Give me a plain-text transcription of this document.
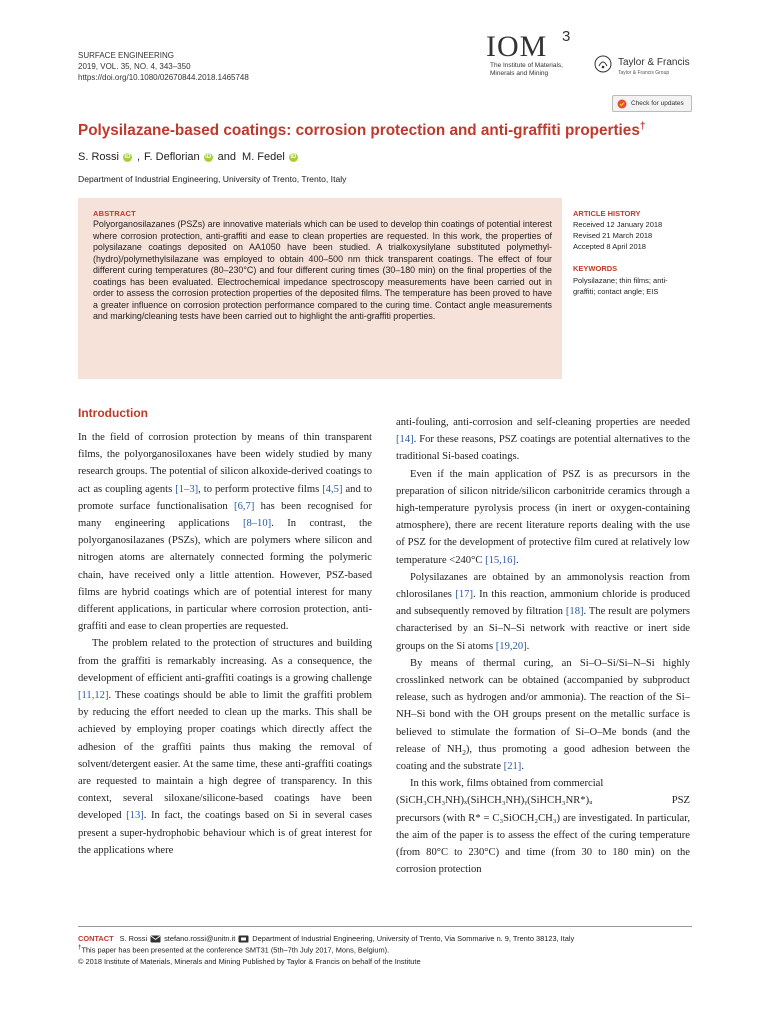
SURFACE ENGINEERING
2019, VOL. 35, NO. 4, 343–350
https://doi.org/10.1080/02670844.2018.1465748
IOM 3
The Institute of Materials,
Minerals and Mining
Taylor & Francis
Taylor & Francis Group
Check for updates
Polysilazane-based coatings: corrosion protection and anti-graffiti properties†
S. Rossi iD , F. Deflorian iD and M. Fedel iD
Department of Industrial Engineering, University of Trento, Trento, Italy
ABSTRACT
Polyorganosilazanes (PSZs) are innovative materials which can be used to develop thin coatings of potential interest where corrosion protection, anti-graffiti and ease to clean properties are requested. In this work, the properties of polysilazane coatings deposited on AA1050 have been studied. A trialkoxysilylane substituted polymethyl-(hydro)/polymethylsilazane was employed to obtain 400–500 nm thick transparent coatings. The effect of four different curing temperatures (80–230°C) and four different curing times (30–180 min) on the final properties of the coatings has been evaluated. Electrochemical impedance spectroscopy measurements have been carried out in order to assess the corrosion protection properties of the deposited films. The temperature has been proved to have a greater influence on corrosion protection performance compared to the curing time. Contact angle measurements and marking/cleaning tests have been carried out to highlight the anti-graffiti properties.
ARTICLE HISTORY
Received 12 January 2018
Revised 21 March 2018
Accepted 8 April 2018
KEYWORDS
Polysilazane; thin films; anti-
graffiti; contact angle; EIS
Introduction

In the field of corrosion protection by means of thin transparent films, the polyorganosiloxanes have been widely studied by many research groups. The potential of silicon alkoxide-derived coatings to act as coupling agents [1–3], to perform protective films [4,5] and to promote surface functionalisation [6,7] has been recognised for many engineering applications [8–10]. In contrast, the polyorganosilazanes (PSZs), which are polymers where silicon and nitrogen atoms are alternately connected forming the polymeric chain, have received only a little attention. However, PSZ-based films are hybrid coatings which are of potential interest for many different applications, in particular where corrosion protection, anti-graffiti and ease to clean properties are requested.

The problem related to the protection of structures and building from the graffiti is remarkably increasing. As a consequence, the development of efficient anti-graffiti coatings is a growing challenge [11,12]. These coatings should be able to limit the graffiti problem by reducing the effort needed to clean up the marks. This shall be achieved by employing proper coatings which directly affect the adhesion of the graffiti paints thus making the removal of solvent/detergent easier. At the same time, these anti-graffiti coatings are requested to maintain a high degree of transparency. In this context, several siloxane/silicone-based coatings have been developed [13]. In fact, the coatings based on Si in several cases present a super-hydrophobic behaviour which is of great interest for the applications where

anti-fouling, anti-corrosion and self-cleaning properties are needed [14]. For these reasons, PSZ coatings are potential alternatives to the traditional Si-based coatings.

Even if the main application of PSZ is as precursors in the preparation of silicon nitride/silicon carbonitride ceramics through a high-temperature pyrolysis process (in inert or oxygen-containing atmosphere), there are recent literature reports dealing with the use of PSZ for the development of protective film cured at relatively low temperature <240°C [15,16].

Polysilazanes are obtained by an ammonolysis reaction from chlorosilanes [17]. In this reaction, ammonium chloride is produced and subsequently removed by filtration [18]. The result are polymers characterised by an Si–N–Si network with reactive or inert side groups on the Si atoms [19,20].

By means of thermal curing, an Si–O–Si/Si–N–Si highly crosslinked network can be obtained (accompanied by subproduct release, such as hydrogen and/or ammonia). The reaction of the Si–NH–Si bond with the OH groups present on the metallic surface is believed to stimulate the formation of Si–O–Me bonds (and the release of $NH_2$), thus promoting a good adhesion between the coating and the substrate [21].

In this work, films obtained from commercial
(SiCH₃CH₃NH)ₓ(SiHCH₃NH)ᵧ(SiHCH₃NR*)ᵤ	PSZ
precursors (with R* = C₃SiOCH₂CH₃) are investigated. In particular, the aim of the paper is to assess the effect of the curing temperature (from 80°C to 230°C) and time (from 30 to 180 min) on the corrosion protection

CONTACT S. Rossi stefano.rossi@unitn.it Department of Industrial Engineering, University of Trento, Via Sommarive n. 9, Trento 38123, Italy
†This paper has been presented at the conference SMT31 (5th–7th July 2017, Mons, Belgium).
© 2018 Institute of Materials, Minerals and Mining Published by Taylor & Francis on behalf of the Institute
